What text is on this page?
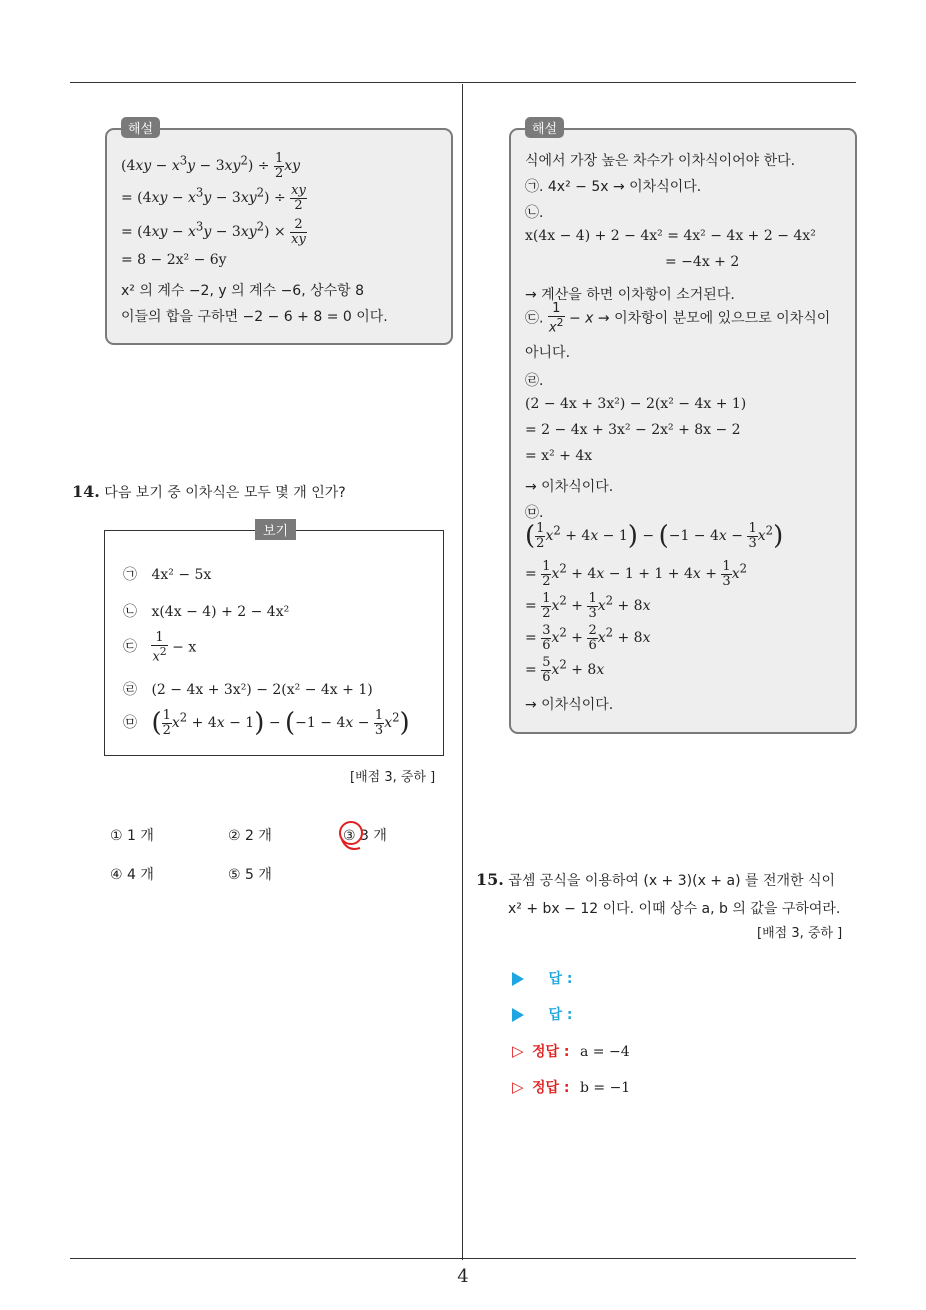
4
해설
$(4xy - x^3y - 3xy^2) \div \frac{1}{2}$ xy
= $(4xy - x^3y - 3xy^2) \div \frac{xy}{2}$
= $(4xy - x^3y - 3xy^2) \times \frac{2}{xy}$
= 8 − 2x² − 6y
x² 의 계수 −2, y 의 계수 −6, 상수항 8
이들의 합을 구하면 −2 − 6 + 8 = 0 이다.
14. 다음 보기 중 이차식은 모두 몇 개 인가?
보기
㉠ 4x² − 5x
㉡ x(4x − 4) + 2 − 4x²
㉢ $\frac{1}{x^2} - x$
㉣ (2 − 4x + 3x²) − 2(x² − 4x + 1)
㉤ ( $\frac{1}{2} x^2 + 4x - 1) - (-1 - 4x - \frac{1}{3} x^2)$
[배점 3, 중하 ]
① 1 개	② 2 개	③ 3 개
④ 4 개	⑤ 5 개
해설
식에서 가장 높은 차수가 이차식이어야 한다.
㉠. 4x² − 5x → 이차식이다.
㉡.
x(4x − 4) + 2 − 4x² = 4x² − 4x + 2 − 4x²
= −4x + 2
→ 계산을 하면 이차항이 소거된다.
㉢. $\frac{1}{x^2} - x$ → 이차항이 분모에 있으므로 이차식이
아니다.
㉣.
(2 − 4x + 3x²) − 2(x² − 4x + 1)
= 2 − 4x + 3x² − 2x² + 8x − 2
= x² + 4x
→ 이차식이다.
㉤.
( $\frac{1}{2} x^2 + 4x - 1) - (-1 - 4x - \frac{1}{3} x^2)$
= $\frac{1}{2} x^2 + 4x - 1 + 1 + 4x + \frac{1}{3} x^2$
= $\frac{1}{2} x^2 + \frac{1}{3} x^2 + 8x$
= $\frac{3}{6} x^2 + \frac{2}{6} x^2 + 8x$
= $\frac{5}{6} x^2 + 8x$
→ 이차식이다.
15. 곱셈 공식을 이용하여 (x + 3)(x + a) 를 전개한 식이
x² + bx − 12 이다. 이때 상수 a, b 의 값을 구하여라.
[배점 3, 중하 ]
답 :
답 :
▷ 정답 : a = −4
▷ 정답 : b = −1
